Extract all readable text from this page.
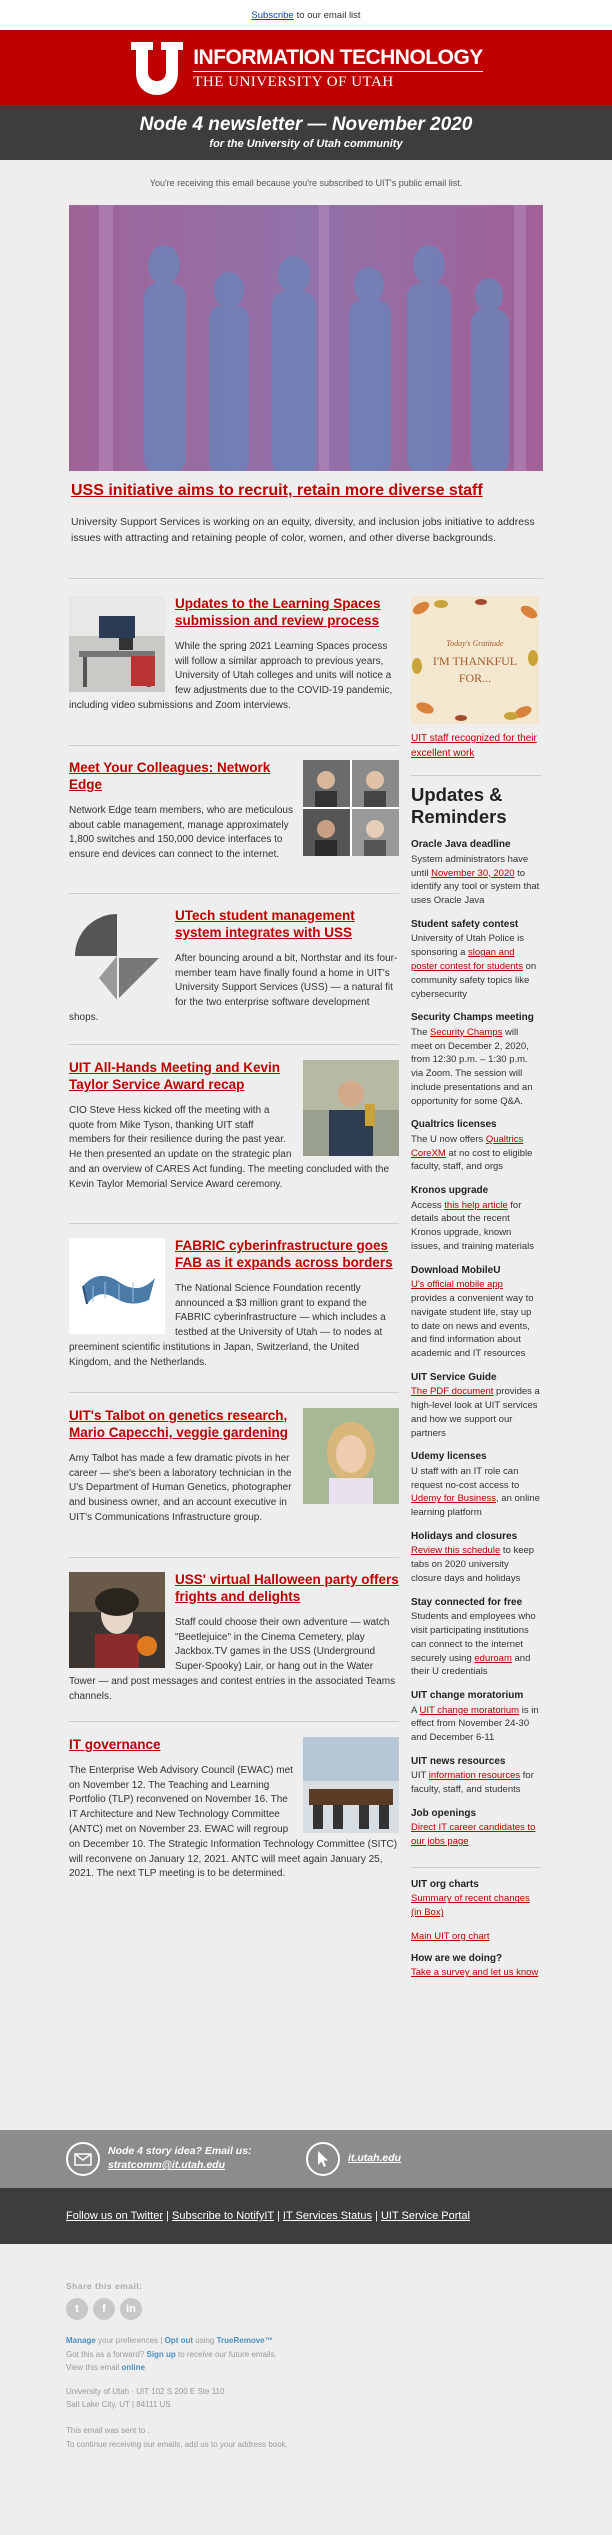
Subscribe to our email list
INFORMATION TECHNOLOGY
THE UNIVERSITY OF UTAH
Node 4 newsletter — November 2020
for the University of Utah community
You're receiving this email because you're subscribed to UIT's public email list.
USS initiative aims to recruit, retain more diverse staff
University Support Services is working on an equity, diversity, and inclusion jobs initiative to address issues with attracting and retaining people of color, women, and other diverse backgrounds.
Updates to the Learning Spaces submission and review process

While the spring 2021 Learning Spaces process will follow a similar approach to previous years, University of Utah colleges and units will notice a few adjustments due to the COVID-19 pandemic, including video submissions and Zoom interviews.

Meet Your Colleagues: Network Edge

Network Edge team members, who are meticulous about cable management, manage approximately 1,800 switches and 150,000 device interfaces to ensure end devices can connect to the internet.

UTech student management system integrates with USS

After bouncing around a bit, Northstar and its four-member team have finally found a home in UIT's University Support Services (USS) — a natural fit for the two enterprise software development shops.

UIT All-Hands Meeting and Kevin Taylor Service Award recap

CIO Steve Hess kicked off the meeting with a quote from Mike Tyson, thanking UIT staff members for their resilience during the past year. He then presented an update on the strategic plan and an overview of CARES Act funding. The meeting concluded with the Kevin Taylor Memorial Service Award ceremony.

FABRIC cyberinfrastructure goes FAB as it expands across borders

The National Science Foundation recently announced a $3 million grant to expand the FABRIC cyberinfrastructure — which includes a testbed at the University of Utah — to nodes at preeminent scientific institutions in Japan, Switzerland, the United Kingdom, and the Netherlands.

UIT's Talbot on genetics research, Mario Capecchi, veggie gardening

Amy Talbot has made a few dramatic pivots in her career — she's been a laboratory technician in the U's Department of Human Genetics, photographer and business owner, and an account executive in UIT's Communications Infrastructure group.

USS' virtual Halloween party offers frights and delights

Staff could choose their own adventure — watch "Beetlejuice" in the Cinema Cemetery, play Jackbox.TV games in the USS (Underground Super-Spooky) Lair, or hang out in the Water Tower — and post messages and contest entries in the associated Teams channels.

IT governance

The Enterprise Web Advisory Council (EWAC) met on November 12. The Teaching and Learning Portfolio (TLP) reconvened on November 16. The IT Architecture and New Technology Committee (ANTC) met on November 23. EWAC will regroup on December 10. The Strategic Information Technology Committee (SITC) will reconvene on January 12, 2021. ANTC will meet again January 25, 2021. The next TLP meeting is to be determined.

Today's Gratitude
I'M THANKFUL
FOR...
UIT staff recognized for their excellent work
Updates & Reminders
Oracle Java deadline
System administrators have until November 30, 2020 to identify any tool or system that uses Oracle Java
Student safety contest
University of Utah Police is sponsoring a slogan and poster contest for students on community safety topics like cybersecurity
Security Champs meeting
The Security Champs will meet on December 2, 2020, from 12:30 p.m. – 1:30 p.m. via Zoom. The session will include presentations and an opportunity for some Q&A.
Qualtrics licenses
The U now offers Qualtrics CoreXM at no cost to eligible faculty, staff, and orgs
Kronos upgrade
Access this help article for details about the recent Kronos upgrade, known issues, and training materials
Download MobileU
U's official mobile app provides a convenient way to navigate student life, stay up to date on news and events, and find information about academic and IT resources
UIT Service Guide
The PDF document provides a high-level look at UIT services and how we support our partners
Udemy licenses
U staff with an IT role can request no-cost access to Udemy for Business, an online learning platform
Holidays and closures
Review this schedule to keep tabs on 2020 university closure days and holidays
Stay connected for free
Students and employees who visit participating institutions can connect to the internet securely using eduroam and their U credentials
UIT change moratorium
A UIT change moratorium is in effect from November 24-30 and December 6-11
UIT news resources
UIT information resources for faculty, staff, and students
Job openings
Direct IT career candidates to our jobs page
UIT org charts
Summary of recent changes (in Box)
Main UIT org chart
How are we doing?
Take a survey and let us know
Node 4 story idea? Email us:
stratcomm@it.utah.edu
it.utah.edu
Follow us on Twitter | Subscribe to NotifyIT | IT Services Status | UIT Service Portal
Share this email:
t f in
Manage your preferences | Opt out using TrueRemove™
Got this as a forward? Sign up to receive our future emails.
View this email online
University of Utah · UIT 102 S 200 E Ste 110
Salt Lake City, UT | 84111 US
This email was sent to .
To continue receiving our emails, add us to your address book.
